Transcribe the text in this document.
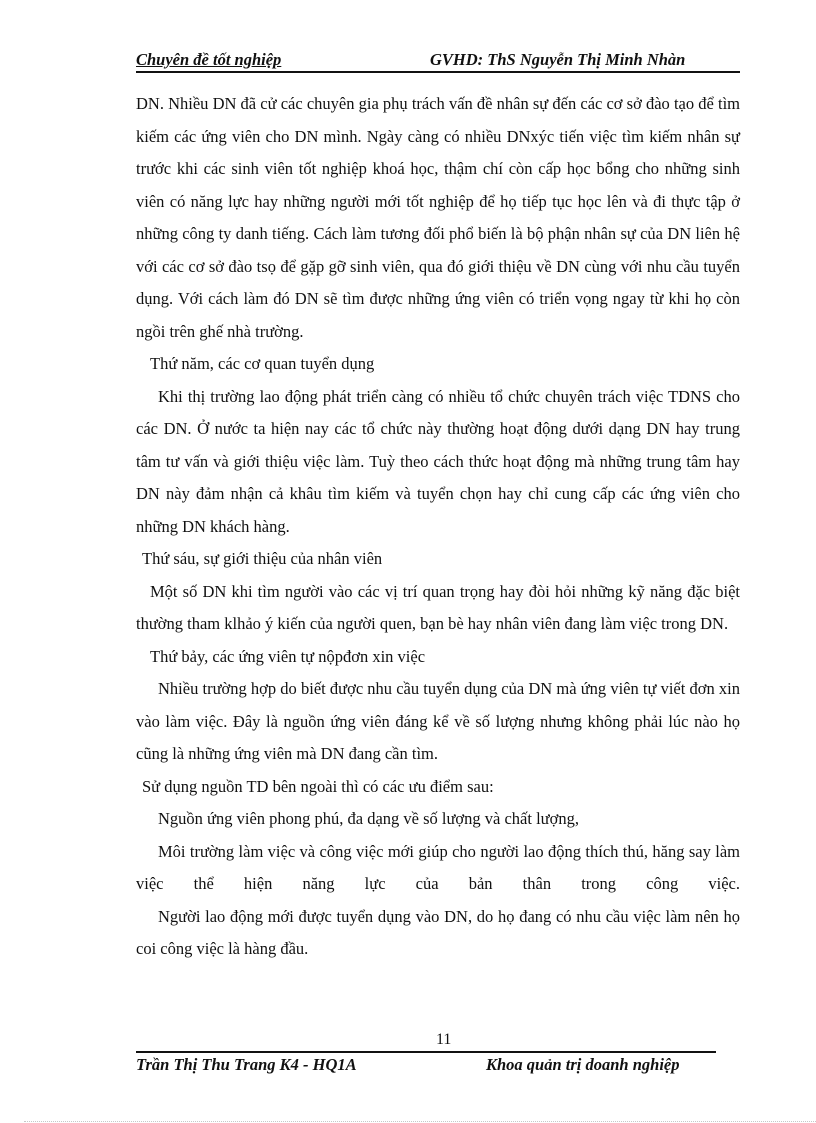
Chuyên đề tốt nghiệp	GVHD: ThS Nguyễn Thị Minh Nhàn

DN. Nhiều DN đã cử các chuyên gia phụ trách vấn đề nhân sự đến các cơ sở đào tạo để tìm kiếm các ứng viên cho DN mình. Ngày càng có nhiều DNxýc tiến việc tìm kiếm nhân sự trước khi các sinh viên tốt nghiệp khoá học, thậm chí còn cấp học bổng cho những sinh viên có năng lực hay những người mới tốt nghiệp để họ tiếp tục học lên và đi thực tập ở những công ty danh tiếng. Cách làm tương đối phổ biến là bộ phận nhân sự của DN liên hệ với các cơ sở đào tsọ để gặp gỡ sinh viên, qua đó giới thiệu về DN cùng với nhu cầu tuyển dụng. Với cách làm đó DN sẽ tìm được những ứng viên có triển vọng ngay từ khi họ còn ngồi trên ghế nhà trường.

Thứ năm, các cơ quan tuyển dụng

Khi thị trường lao động phát triển càng có nhiều tổ chức chuyên trách việc TDNS cho các DN. Ở nước ta hiện nay các tổ chức này thường hoạt động dưới dạng DN hay trung tâm tư vấn và giới thiệu việc làm. Tuỳ theo cách thức hoạt động mà những trung tâm hay DN này đảm nhận cả khâu tìm kiếm và tuyển chọn hay chỉ cung cấp các ứng viên cho những DN khách hàng.

Thứ sáu, sự giới thiệu của nhân viên

Một số DN khi tìm người vào các vị trí quan trọng hay đòi hỏi những kỹ năng đặc biệt thường tham klhảo ý kiến của người quen, bạn bè hay nhân viên đang làm việc trong DN.

Thứ bảy, các ứng viên tự nộpđơn xin việc

Nhiều trường hợp do biết được nhu cầu tuyển dụng của DN mà ứng viên tự viết đơn xin vào làm việc. Đây là nguồn ứng viên đáng kể về số lượng nhưng không phải lúc nào họ cũng là những ứng viên mà DN đang cần tìm.

Sử dụng nguồn TD bên ngoài thì có các ưu điểm sau:

Nguồn ứng viên phong phú, đa dạng về số lượng và chất lượng,

Môi trường làm việc và công việc mới giúp cho người lao động thích thú, hăng say làm việc thể hiện năng lực của bản thân trong công việc.

Người lao động mới được tuyển dụng vào DN, do họ đang có nhu cầu việc làm nên họ coi công việc là hàng đầu.

11
Trần Thị Thu Trang K4 - HQ1A	Khoa quản trị doanh nghiệp
